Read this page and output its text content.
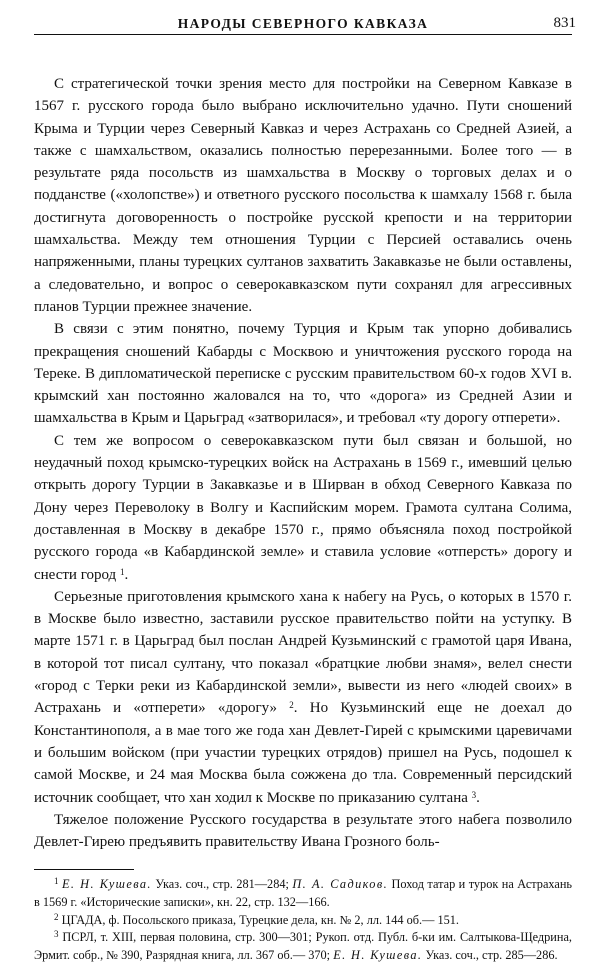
НАРОДЫ СЕВЕРНОГО КАВКАЗА	831

С стратегической точки зрения место для постройки на Северном Кавказе в 1567 г. русского города было выбрано исключительно удачно. Пути сношений Крыма и Турции через Северный Кавказ и через Астрахань со Средней Азией, а также с шамхальством, оказались полностью перерезанными. Более того — в результате ряда посольств из шамхальства в Москву о торговых делах и о подданстве («холопстве») и ответного русского посольства к шамхалу 1568 г. была достигнута договоренность о постройке русской крепости и на территории шамхальства. Между тем отношения Турции с Персией оставались очень напряженными, планы турецких султанов захватить Закавказье не были оставлены, а следовательно, и вопрос о северокавказском пути сохранял для агрессивных планов Турции прежнее значение.

В связи с этим понятно, почему Турция и Крым так упорно добивались прекращения сношений Кабарды с Москвою и уничтожения русского города на Тереке. В дипломатической переписке с русским правительством 60-х годов XVI в. крымский хан постоянно жаловался на то, что «дорога» из Средней Азии и шамхальства в Крым и Царьград «затворилася», и требовал «ту дорогу отперети».

С тем же вопросом о северокавказском пути был связан и большой, но неудачный поход крымско-турецких войск на Астрахань в 1569 г., имевший целью открыть дорогу Турции в Закавказье и в Ширван в обход Северного Кавказа по Дону через Переволоку в Волгу и Каспийским морем. Грамота султана Солима, доставленная в Москву в декабре 1570 г., прямо объясняла поход постройкой русского города «в Кабардинской земле» и ставила условие «отперсть» дорогу и снести город $^1$.

Серьезные приготовления крымского хана к набегу на Русь, о которых в 1570 г. в Москве было известно, заставили русское правительство пойти на уступку. В марте 1571 г. в Царьград был послан Андрей Кузьминский с грамотой царя Ивана, в которой тот писал султану, что показал «братцкие любви знамя», велел снести «город с Терки реки из Кабардинской земли», вывести из него «людей своих» в Астрахань и «отперети» «дорогу» $^2$. Но Кузьминский еще не доехал до Константинополя, а в мае того же года хан Девлет-Гирей с крымскими царевичами и большим войском (при участии турецких отрядов) пришел на Русь, подошел к самой Москве, и 24 мая Москва была сожжена до тла. Современный персидский источник сообщает, что хан ходил к Москве по приказанию султана $^3$.

Тяжелое положение Русского государства в результате этого набега позволило Девлет-Гирею предъявить правительству Ивана Грозного боль-

$^1$ Е. Н. Кушева. Указ. соч., стр. 281—284; П. А. Садиков. Поход татар и турок на Астрахань в 1569 г. «Исторические записки», кн. 22, стр. 132—166.

$^2$ ЦГАДА, ф. Посольского приказа, Турецкие дела, кн. № 2, лл. 144 об.— 151.

$^3$ ПСРЛ, т. XIII, первая половина, стр. 300—301; Рукоп. отд. Публ. б-ки им. Салтыкова-Щедрина, Эрмит. собр., № 390, Разрядная книга, лл. 367 об.— 370; Е. Н. Кушева. Указ. соч., стр. 285—286.
